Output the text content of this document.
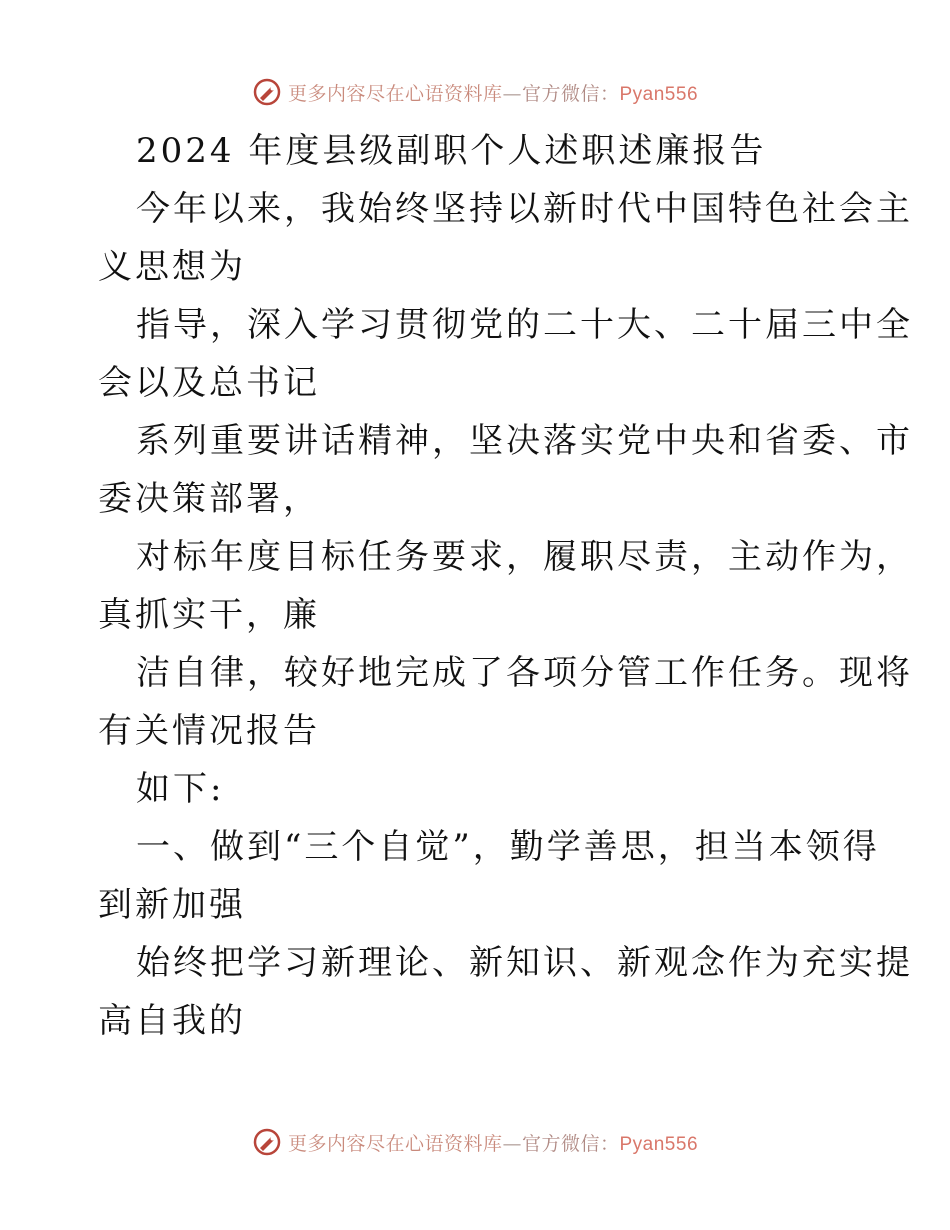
更多内容尽在心语资料库—官方微信：Pyan556
2024 年度县级副职个人述职述廉报告
今年以来，我始终坚持以新时代中国特色社会主
义思想为
指导，深入学习贯彻党的二十大、二十届三中全
会以及总书记
系列重要讲话精神，坚决落实党中央和省委、市
委决策部署，
对标年度目标任务要求，履职尽责，主动作为，
真抓实干，廉
洁自律，较好地完成了各项分管工作任务。现将
有关情况报告
如下:
一、做到“三个自觉”，勤学善思，担当本领得
到新加强
始终把学习新理论、新知识、新观念作为充实提
高自我的
更多内容尽在心语资料库—官方微信：Pyan556
